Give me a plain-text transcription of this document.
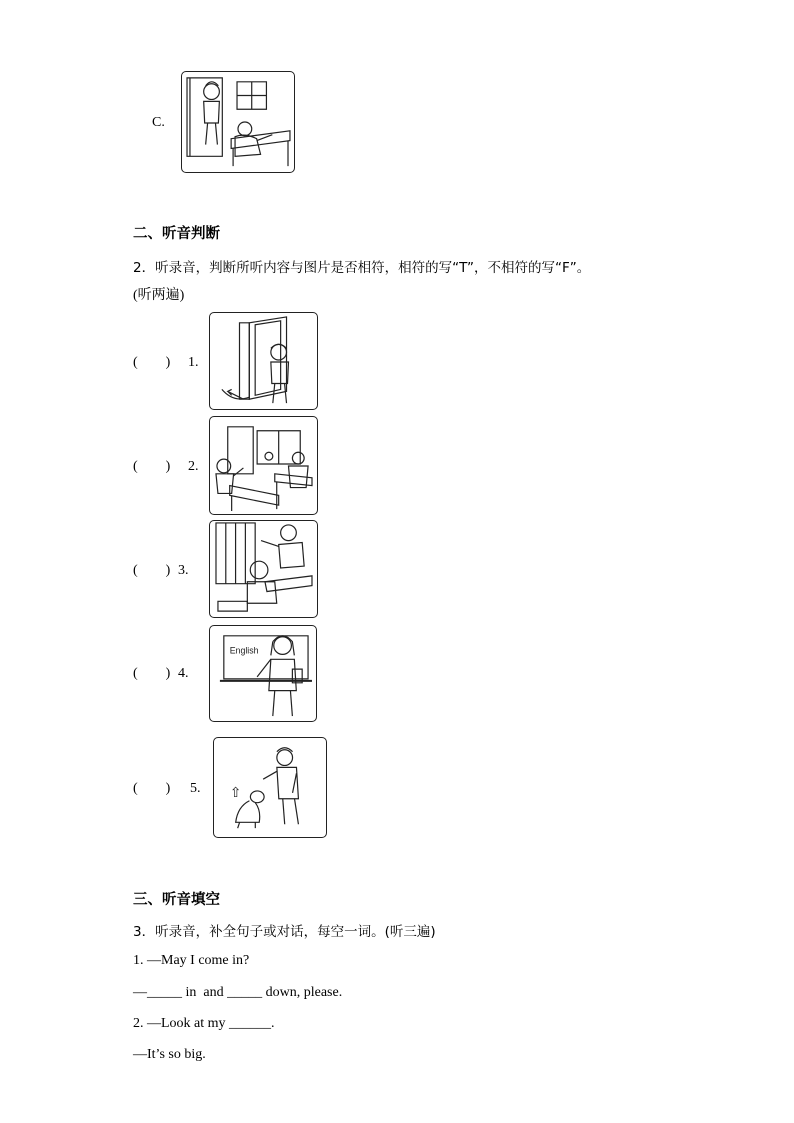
C.
二、听音判断
2．听录音，判断所听内容与图片是否相符，相符的写“T”，不相符的写“F”。
(听两遍)
(        ) 1.
(        ) 2.
(        ) 3.
(        ) 4.
English
(        ) 5. ⇧
三、听音填空
3．听录音，补全句子或对话，每空一词。(听三遍)
1. —May I come in?
—_____ in  and _____ down, please.
2. —Look at my ______.
—It’s so big.
